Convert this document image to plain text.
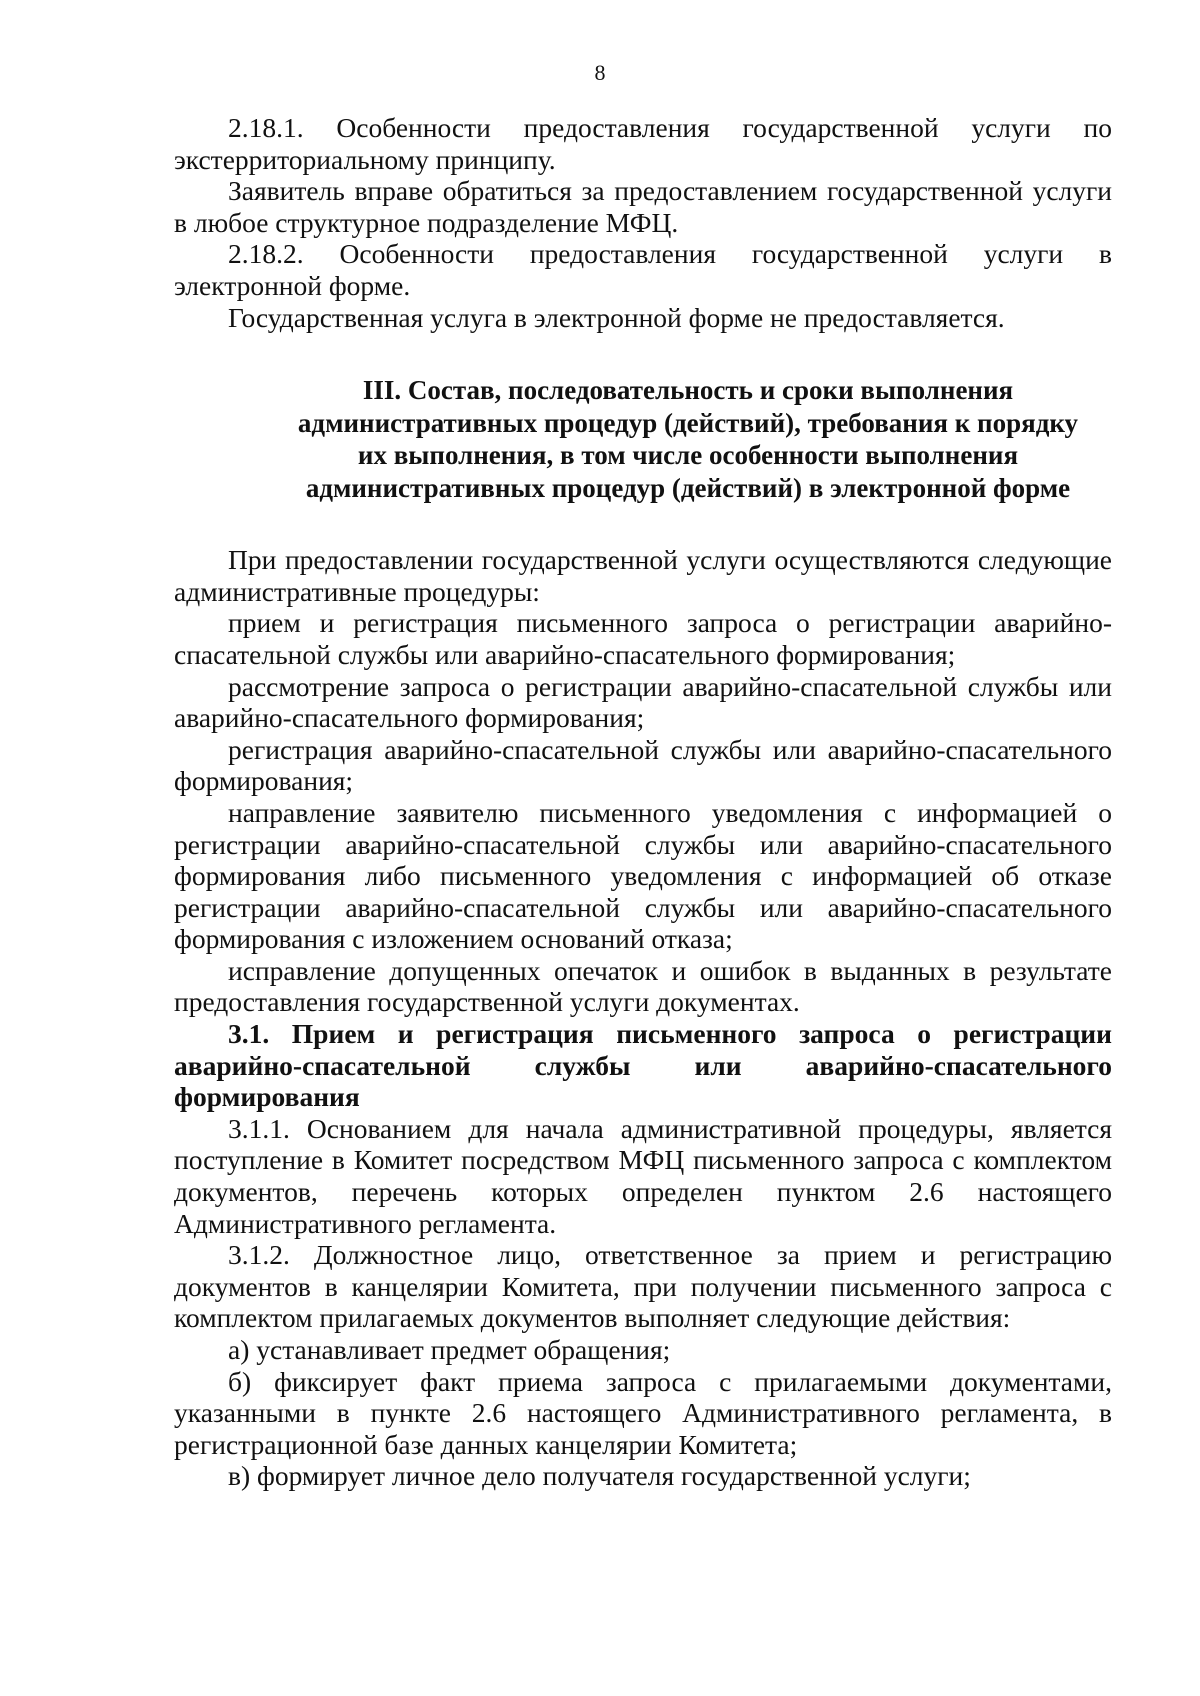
8

2.18.1. Особенности предоставления государственной услуги по экстерриториальному принципу.

Заявитель вправе обратиться за предоставлением государственной услуги в любое структурное подразделение МФЦ.

2.18.2. Особенности предоставления государственной услуги в электронной форме.

Государственная услуга в электронной форме не предоставляется.

III. Состав, последовательность и сроки выполнения
административных процедур (действий), требования к порядку
их выполнения, в том числе особенности выполнения
административных процедур (действий) в электронной форме

При предоставлении государственной услуги осуществляются следующие административные процедуры:

прием и регистрация письменного запроса о регистрации аварийно-спасательной службы или аварийно-спасательного формирования;

рассмотрение запроса о регистрации аварийно-спасательной службы или аварийно-спасательного формирования;

регистрация аварийно-спасательной службы или аварийно-спасательного формирования;

направление заявителю письменного уведомления с информацией о регистрации аварийно-спасательной службы или аварийно-спасательного формирования либо письменного уведомления с информацией об отказе регистрации аварийно-спасательной службы или аварийно-спасательного формирования с изложением оснований отказа;

исправление допущенных опечаток и ошибок в выданных в результате предоставления государственной услуги документах.

3.1. Прием и регистрация письменного запроса о регистрации аварийно-спасательной службы или аварийно-спасательного формирования

3.1.1. Основанием для начала административной процедуры, является поступление в Комитет посредством МФЦ письменного запроса с комплектом документов, перечень которых определен пунктом 2.6 настоящего Административного регламента.

3.1.2. Должностное лицо, ответственное за прием и регистрацию документов в канцелярии Комитета, при получении письменного запроса с комплектом прилагаемых документов выполняет следующие действия:

а) устанавливает предмет обращения;

б) фиксирует факт приема запроса с прилагаемыми документами, указанными в пункте 2.6 настоящего Административного регламента, в регистрационной базе данных канцелярии Комитета;

в) формирует личное дело получателя государственной услуги;
